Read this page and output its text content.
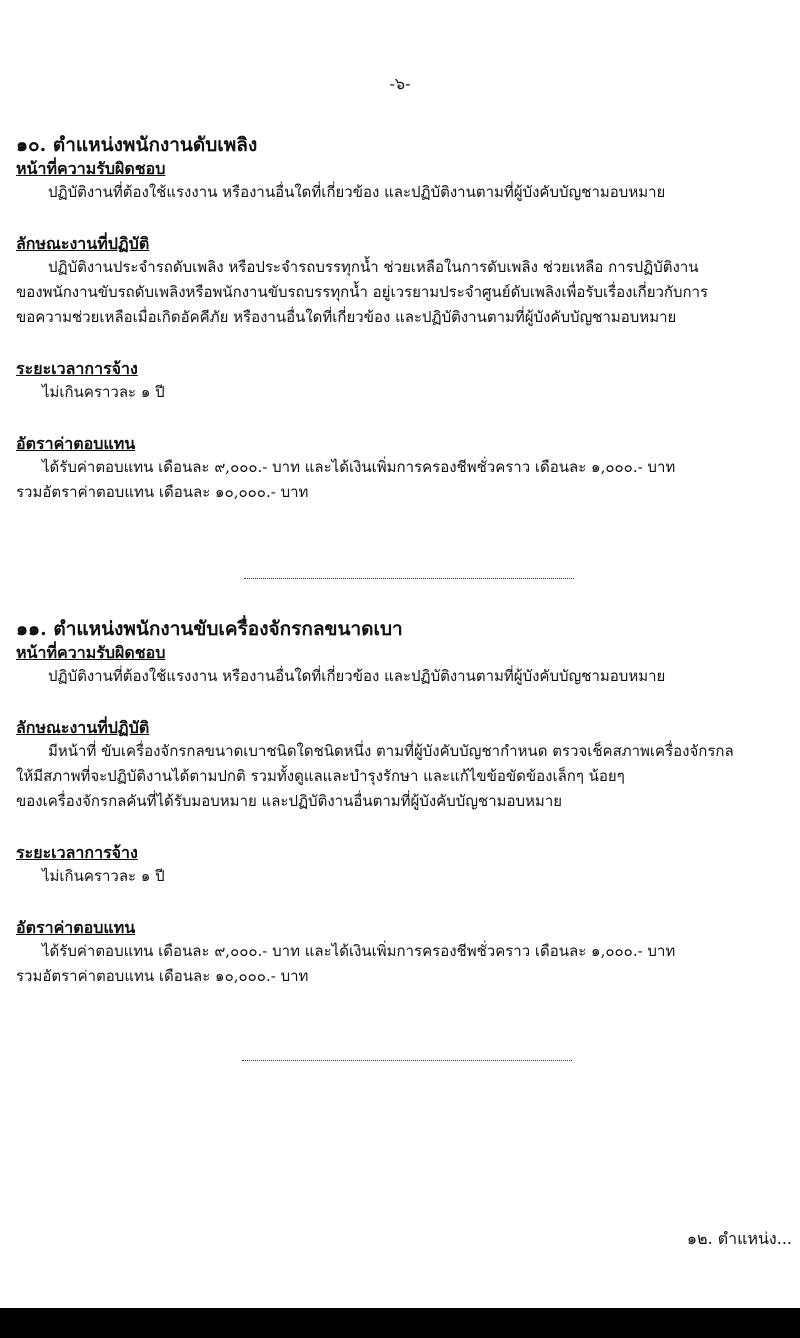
-๖-

๑๐. ตำแหน่งพนักงานดับเพลิง

หน้าที่ความรับผิดชอบ

ปฏิบัติงานที่ต้องใช้แรงงาน หรืองานอื่นใดที่เกี่ยวข้อง และปฏิบัติงานตามที่ผู้บังคับบัญชามอบหมาย

ลักษณะงานที่ปฏิบัติ

ปฏิบัติงานประจำรถดับเพลิง หรือประจำรถบรรทุกน้ำ ช่วยเหลือในการดับเพลิง ช่วยเหลือ การปฏิบัติงาน

ของพนักงานขับรถดับเพลิงหรือพนักงานขับรถบรรทุกน้ำ อยู่เวรยามประจำศูนย์ดับเพลิงเพื่อรับเรื่องเกี่ยวกับการ

ขอความช่วยเหลือเมื่อเกิดอัคคีภัย หรืองานอื่นใดที่เกี่ยวข้อง และปฏิบัติงานตามที่ผู้บังคับบัญชามอบหมาย

ระยะเวลาการจ้าง

ไม่เกินคราวละ ๑ ปี

อัตราค่าตอบแทน

ได้รับค่าตอบแทน เดือนละ ๙,๐๐๐.- บาท และได้เงินเพิ่มการครองชีพชั่วคราว เดือนละ ๑,๐๐๐.- บาท

รวมอัตราค่าตอบแทน เดือนละ ๑๐,๐๐๐.- บาท

๑๑. ตำแหน่งพนักงานขับเครื่องจักรกลขนาดเบา

หน้าที่ความรับผิดชอบ

ปฏิบัติงานที่ต้องใช้แรงงาน หรืองานอื่นใดที่เกี่ยวข้อง และปฏิบัติงานตามที่ผู้บังคับบัญชามอบหมาย

ลักษณะงานที่ปฏิบัติ

มีหน้าที่ ขับเครื่องจักรกลขนาดเบาชนิดใดชนิดหนึ่ง ตามที่ผู้บังคับบัญชากำหนด ตรวจเช็คสภาพเครื่องจักรกล

ให้มีสภาพที่จะปฏิบัติงานได้ตามปกติ รวมทั้งดูแลและบำรุงรักษา และแก้ไขข้อขัดข้องเล็กๆ น้อยๆ

ของเครื่องจักรกลคันที่ได้รับมอบหมาย และปฏิบัติงานอื่นตามที่ผู้บังคับบัญชามอบหมาย

ระยะเวลาการจ้าง

ไม่เกินคราวละ ๑ ปี

อัตราค่าตอบแทน

ได้รับค่าตอบแทน เดือนละ ๙,๐๐๐.- บาท และได้เงินเพิ่มการครองชีพชั่วคราว เดือนละ ๑,๐๐๐.- บาท

รวมอัตราค่าตอบแทน เดือนละ ๑๐,๐๐๐.- บาท

๑๒. ตำแหน่ง...
